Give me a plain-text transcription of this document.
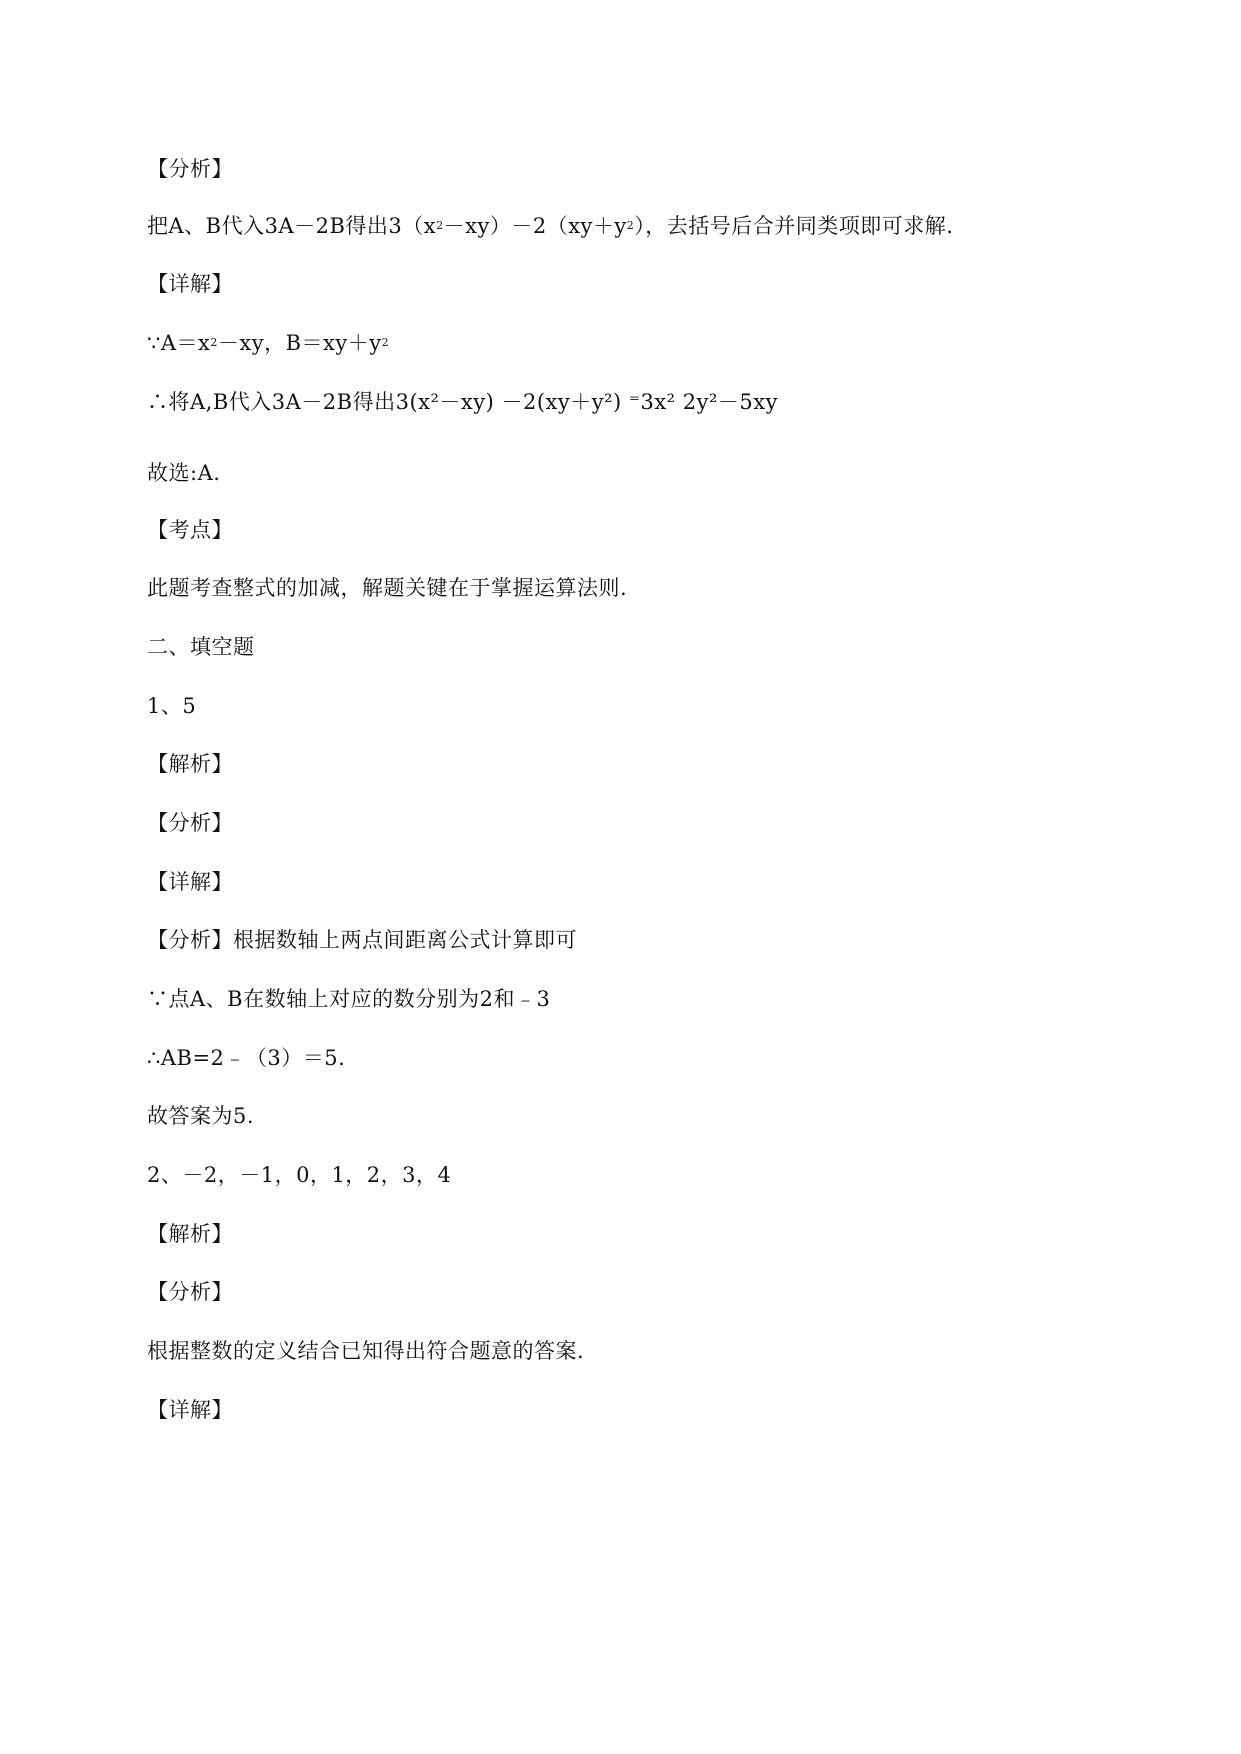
【分析】
把A、B代入3A－2B得出$3(x^2-xy)-2(xy+y^2)$，去括号后合并同类项即可求解.
【详解】
$\because A=x^2-xy$，$B=xy+y^2$
∴将A,B代入3A－2B得出3(x²－xy) －2(xy＋y²) ⁼3x² 2y²－5xy
故选:A.
【考点】
此题考查整式的加减，解题关键在于掌握运算法则.
二、填空题
1、5
【解析】
【分析】
【详解】
【分析】根据数轴上两点间距离公式计算即可
∵点A、B在数轴上对应的数分别为2和﹣3
∴AB=2﹣（3）＝5.
故答案为5.
2、－2，－1，0，1，2，3，4
【解析】
【分析】
根据整数的定义结合已知得出符合题意的答案.
【详解】
